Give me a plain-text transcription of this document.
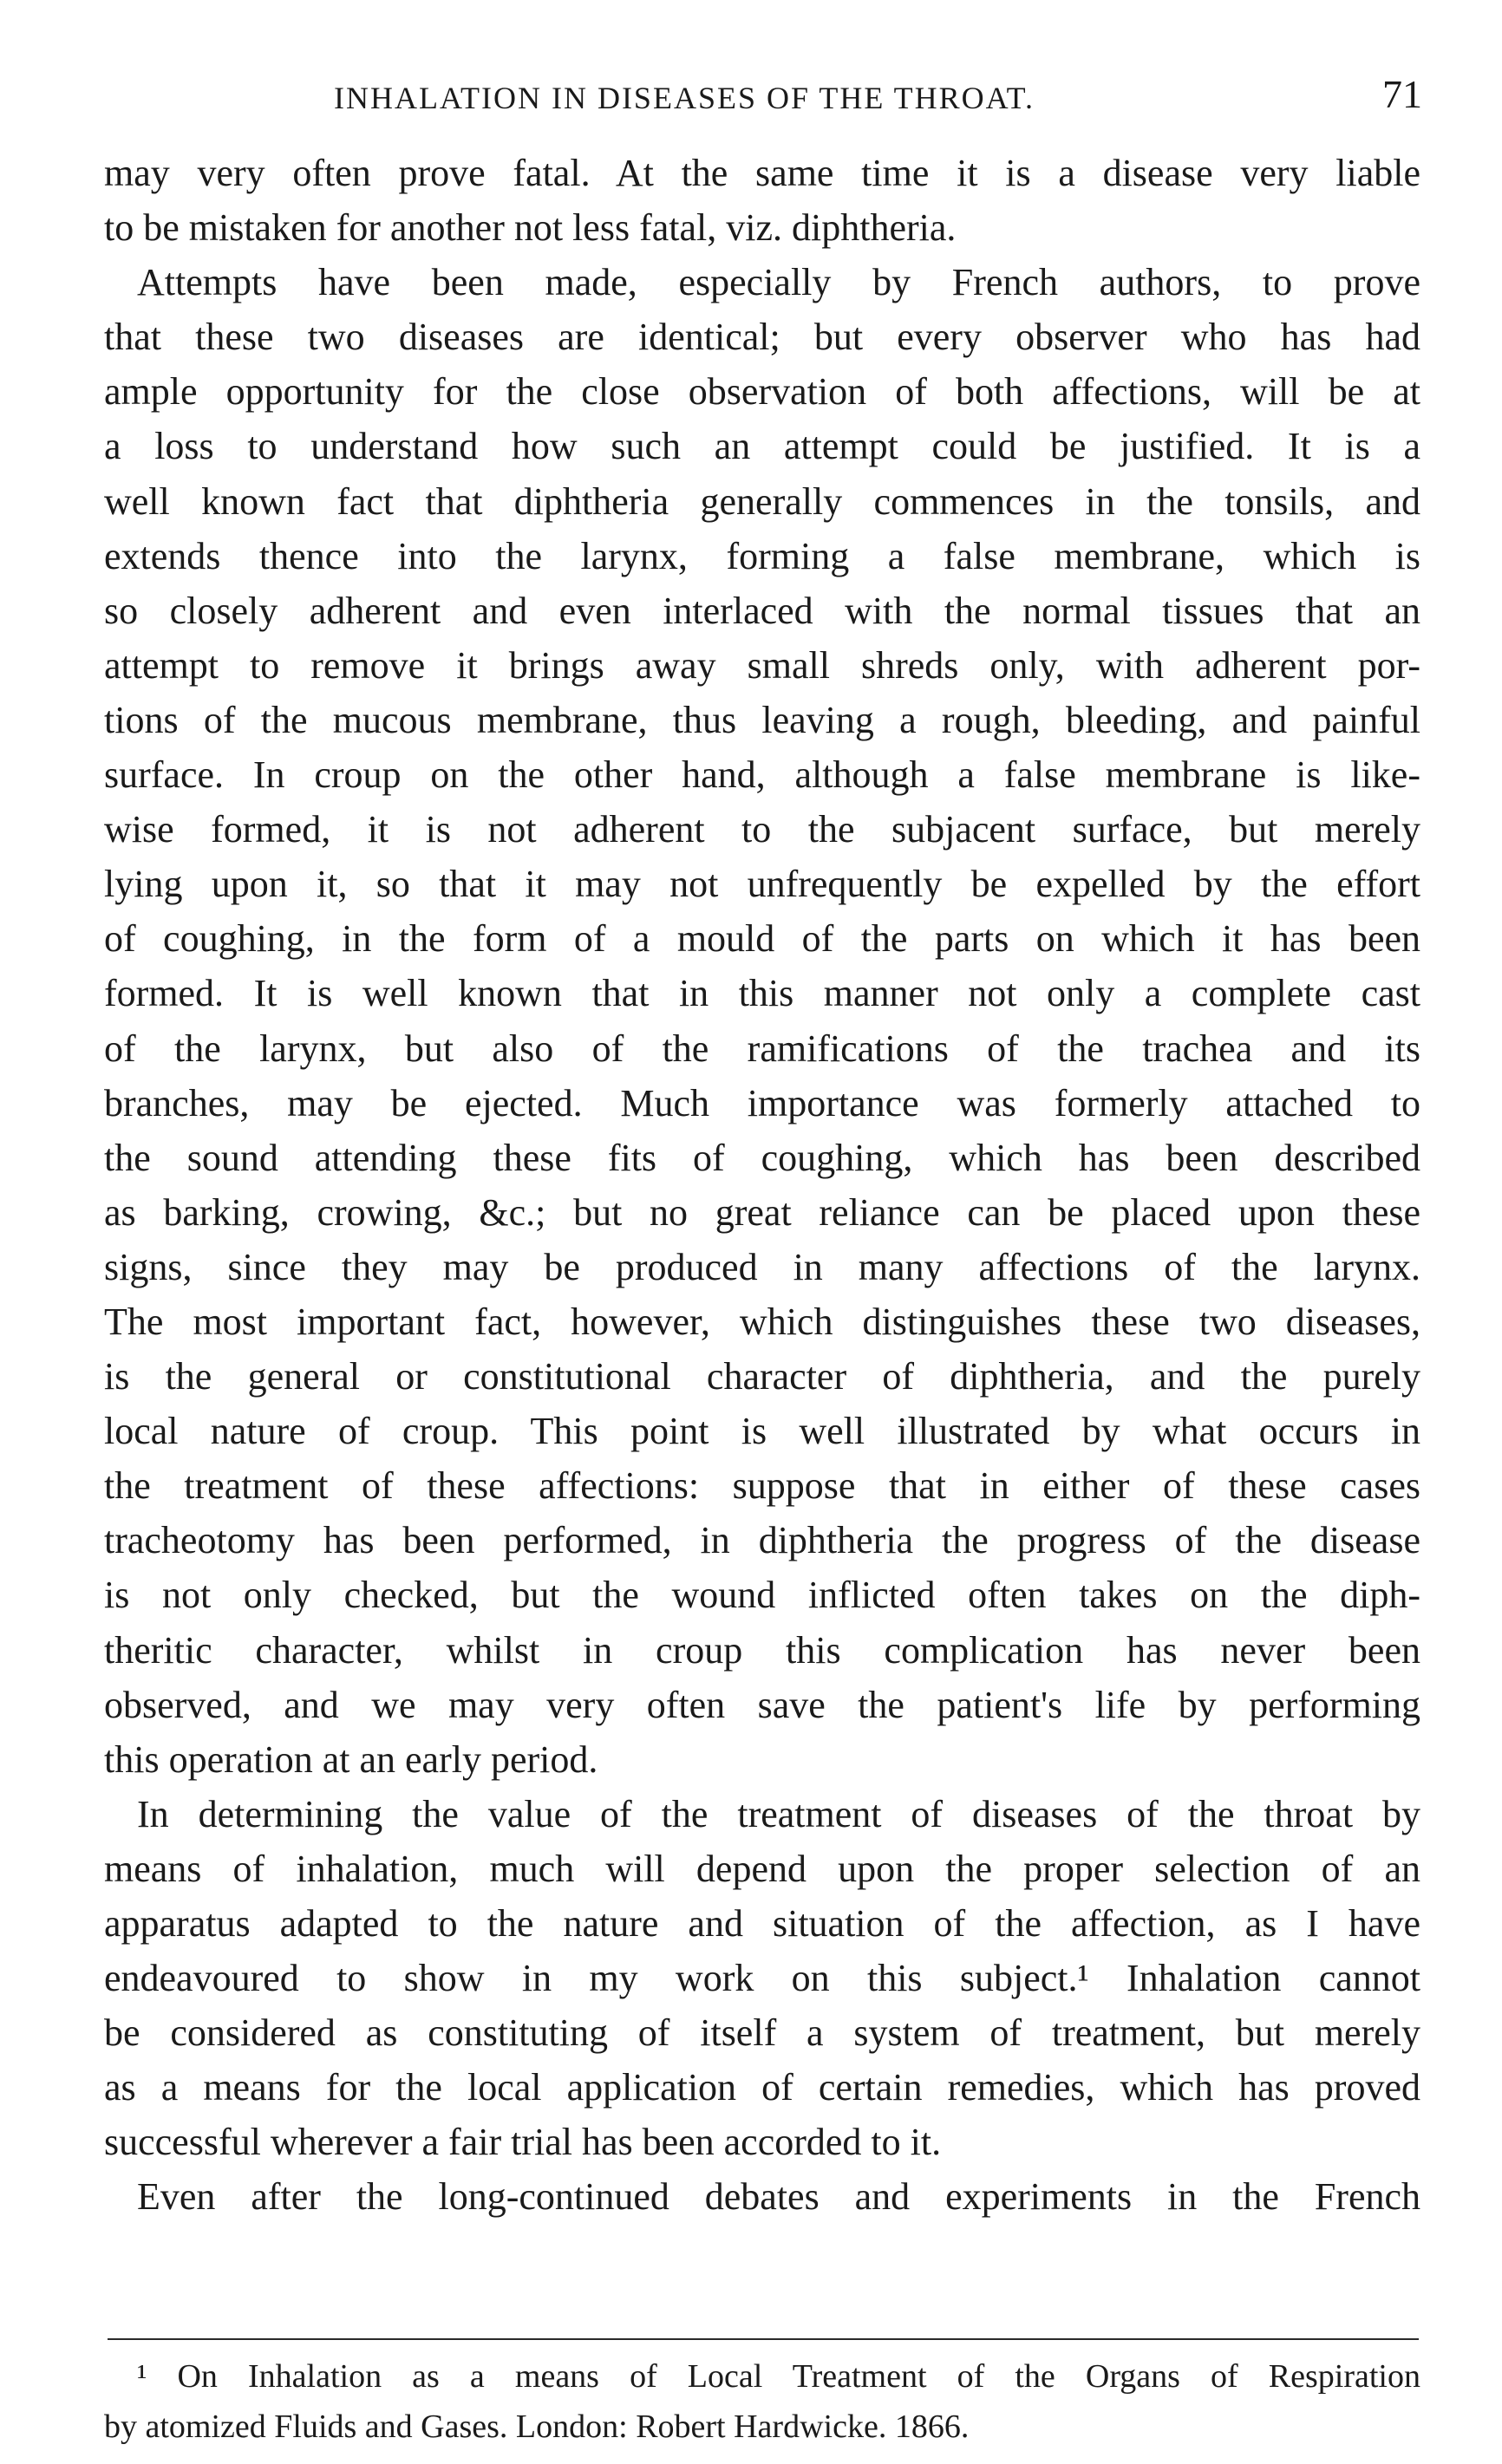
INHALATION IN DISEASES OF THE THROAT.	71
may very often prove fatal. At the same time it is a disease very liable
to be mistaken for another not less fatal, viz. diphtheria.
Attempts have been made, especially by French authors, to prove
that these two diseases are identical; but every observer who has had
ample opportunity for the close observation of both affections, will be at
a loss to understand how such an attempt could be justified. It is a
well known fact that diphtheria generally commences in the tonsils, and
extends thence into the larynx, forming a false membrane, which is
so closely adherent and even interlaced with the normal tissues that an
attempt to remove it brings away small shreds only, with adherent por-
tions of the mucous membrane, thus leaving a rough, bleeding, and painful
surface. In croup on the other hand, although a false membrane is like-
wise formed, it is not adherent to the subjacent surface, but merely
lying upon it, so that it may not unfrequently be expelled by the effort
of coughing, in the form of a mould of the parts on which it has been
formed. It is well known that in this manner not only a complete cast
of the larynx, but also of the ramifications of the trachea and its
branches, may be ejected. Much importance was formerly attached to
the sound attending these fits of coughing, which has been described
as barking, crowing, &c.; but no great reliance can be placed upon these
signs, since they may be produced in many affections of the larynx.
The most important fact, however, which distinguishes these two diseases,
is the general or constitutional character of diphtheria, and the purely
local nature of croup. This point is well illustrated by what occurs in
the treatment of these affections: suppose that in either of these cases
tracheotomy has been performed, in diphtheria the progress of the disease
is not only checked, but the wound inflicted often takes on the diph-
theritic character, whilst in croup this complication has never been
observed, and we may very often save the patient's life by performing
this operation at an early period.
In determining the value of the treatment of diseases of the throat by
means of inhalation, much will depend upon the proper selection of an
apparatus adapted to the nature and situation of the affection, as I have
endeavoured to show in my work on this subject.¹ Inhalation cannot
be considered as constituting of itself a system of treatment, but merely
as a means for the local application of certain remedies, which has proved
successful wherever a fair trial has been accorded to it.
Even after the long-continued debates and experiments in the French
¹ On Inhalation as a means of Local Treatment of the Organs of Respiration
by atomized Fluids and Gases. London: Robert Hardwicke. 1866.
